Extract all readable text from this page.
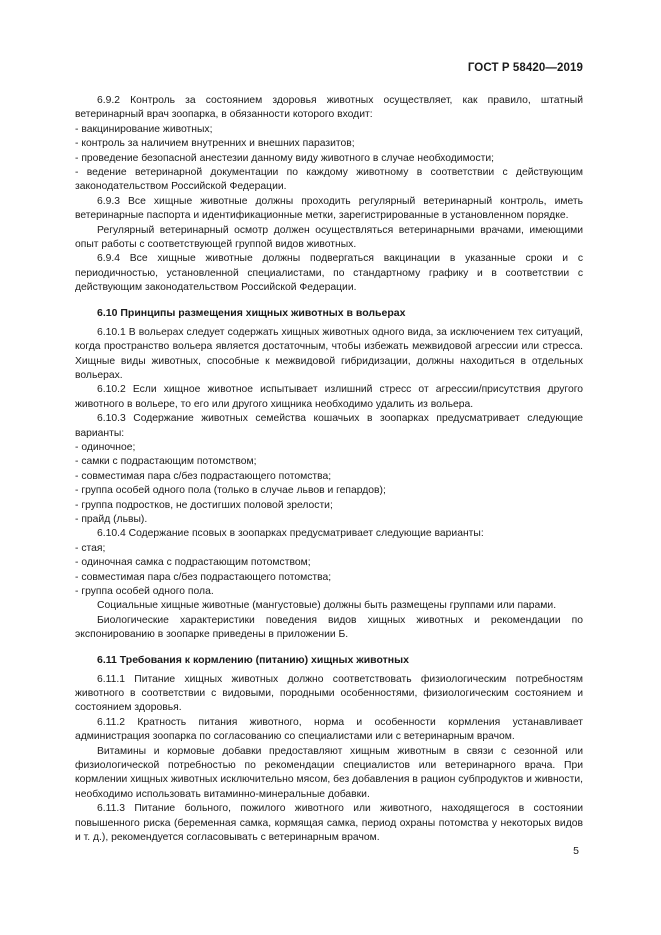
ГОСТ Р 58420—2019

6.9.2 Контроль за состоянием здоровья животных осуществляет, как правило, штатный ветеринарный врач зоопарка, в обязанности которого входит:

- вакцинирование животных;

- контроль за наличием внутренних и внешних паразитов;

- проведение безопасной анестезии данному виду животного в случае необходимости;

- ведение ветеринарной документации по каждому животному в соответствии с действующим законодательством Российской Федерации.

6.9.3 Все хищные животные должны проходить регулярный ветеринарный контроль, иметь ветеринарные паспорта и идентификационные метки, зарегистрированные в установленном порядке.

Регулярный ветеринарный осмотр должен осуществляться ветеринарными врачами, имеющими опыт работы с соответствующей группой видов животных.

6.9.4 Все хищные животные должны подвергаться вакцинации в указанные сроки и с периодичностью, установленной специалистами, по стандартному графику и в соответствии с действующим законодательством Российской Федерации.

6.10 Принципы размещения хищных животных в вольерах

6.10.1 В вольерах следует содержать хищных животных одного вида, за исключением тех ситуаций, когда пространство вольера является достаточным, чтобы избежать межвидовой агрессии или стресса. Хищные виды животных, способные к межвидовой гибридизации, должны находиться в отдельных вольерах.

6.10.2 Если хищное животное испытывает излишний стресс от агрессии/присутствия другого животного в вольере, то его или другого хищника необходимо удалить из вольера.

6.10.3 Содержание животных семейства кошачьих в зоопарках предусматривает следующие варианты:

- одиночное;

- самки с подрастающим потомством;

- совместимая пара с/без подрастающего потомства;

- группа особей одного пола (только в случае львов и гепардов);

- группа подростков, не достигших половой зрелости;

- прайд (львы).

6.10.4 Содержание псовых в зоопарках предусматривает следующие варианты:

- стая;

- одиночная самка с подрастающим потомством;

- совместимая пара с/без подрастающего потомства;

- группа особей одного пола.

Социальные хищные животные (мангустовые) должны быть размещены группами или парами.

Биологические характеристики поведения видов хищных животных и рекомендации по экспонированию в зоопарке приведены в приложении Б.

6.11 Требования к кормлению (питанию) хищных животных

6.11.1 Питание хищных животных должно соответствовать физиологическим потребностям животного в соответствии с видовыми, породными особенностями, физиологическим состоянием и состоянием здоровья.

6.11.2 Кратность питания животного, норма и особенности кормления устанавливает администрация зоопарка по согласованию со специалистами или с ветеринарным врачом.

Витамины и кормовые добавки предоставляют хищным животным в связи с сезонной или физиологической потребностью по рекомендации специалистов или ветеринарного врача. При кормлении хищных животных исключительно мясом, без добавления в рацион субпродуктов и живности, необходимо использовать витаминно-минеральные добавки.

6.11.3 Питание больного, пожилого животного или животного, находящегося в состоянии повышенного риска (беременная самка, кормящая самка, период охраны потомства у некоторых видов и т. д.), рекомендуется согласовывать с ветеринарным врачом.

5
